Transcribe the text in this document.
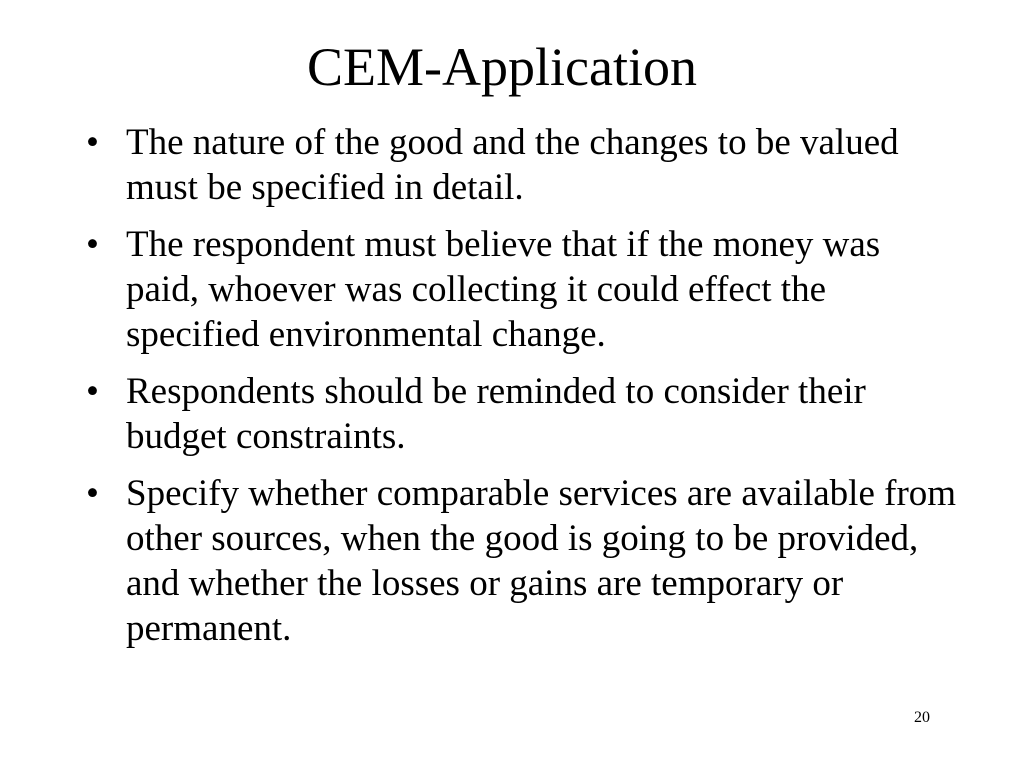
CEM-Application
• The nature of the good and the changes to be valued must be specified in detail.
• The respondent must believe that if the money was paid, whoever was collecting it could effect the specified environmental change.
• Respondents should be reminded to consider their budget constraints.
• Specify whether comparable services are available from other sources, when the good is going to be provided, and whether the losses or gains are temporary or permanent.
20
